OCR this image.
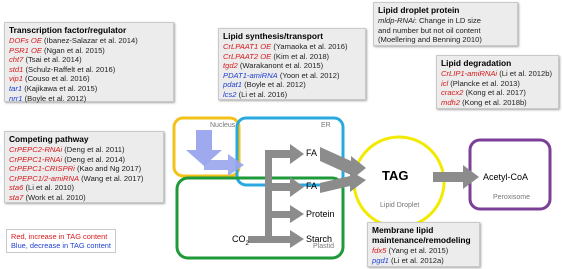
Nucleus	ER
Plastid
Lipid Droplet
Peroxisome
FA
FA
Protein
Starch
$CO_2$
TAG	Acetyl-CoA
Transcription factor/regulator
DOFs OE (Ibanez-Salazar et al. 2014)
PSR1 OE (Ngan et al. 2015)
cht7 (Tsai et al. 2014)
std1 (Schulz-Raffelt et al. 2016)
vip1 (Couso et al. 2016)
tar1 (Kajikawa et al. 2015)
nrr1 (Boyle et al. 2012)
Lipid synthesis/transport
CrLPAAT1 OE (Yamaoka et al. 2016)
CrLPAAT2 OE (Kim et al. 2018)
tgd2 (Warakanont et al. 2015)
PDAT1-amiRNA (Yoon et al. 2012)
pdat1 (Boyle et al. 2012)
lcs2 (Li et al. 2016)
Lipid droplet protein
mldp-RNAi: Change in LD size
and number but not oil content
(Moellering and Benning 2010)
Lipid degradation
CrLIP1-amiRNAi (Li et al. 2012b)
icl (Plancke et al. 2013)
cracx2 (Kong et al. 2017)
mdh2 (Kong et al. 2018b)
Competing pathway
CrPEPC2-RNAi (Deng et al. 2011)
CrPEPC1-RNAi (Deng et al. 2014)
CrPEPC1-CRISPRi (Kao and Ng 2017)
CrPEPC1/2-amiRNA (Wang et al. 2017)
sta6 (Li et al. 2010)
sta7 (Work et al. 2010)
Red, increase in TAG content
Blue, decrease in TAG content
Membrane lipid
maintenance/remodeling
fdx5 (Yang et al. 2015)
pgd1 (Li et al. 2012a)
